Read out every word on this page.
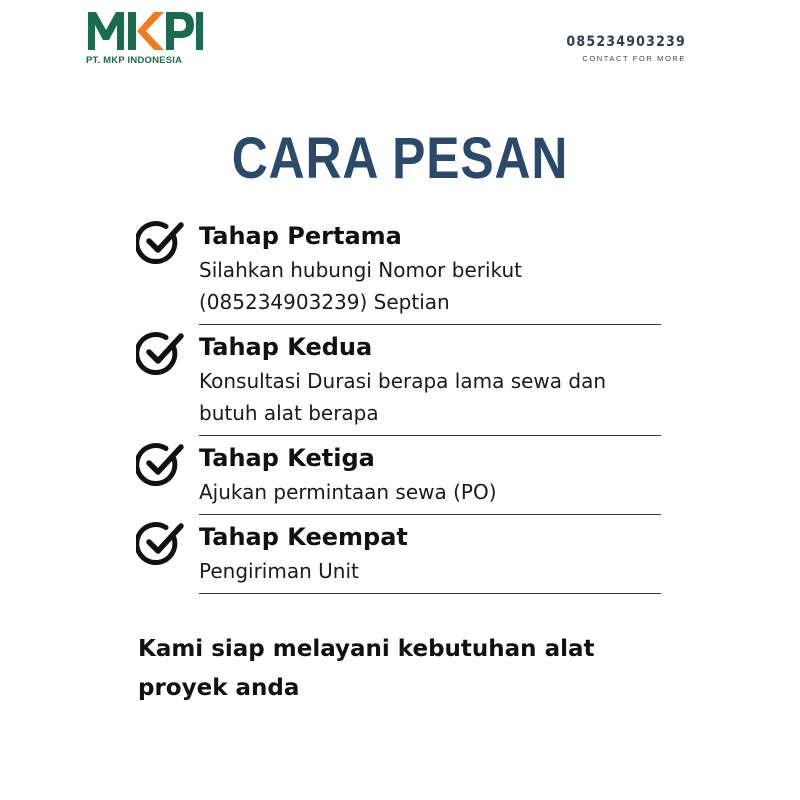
PT. MKP INDONESIA
085234903239
CONTACT FOR MORE
CARA PESAN
Tahap Pertama
Silahkan hubungi Nomor berikut (085234903239) Septian
Tahap Kedua
Konsultasi Durasi berapa lama sewa dan butuh alat berapa
Tahap Ketiga
Ajukan permintaan sewa (PO)
Tahap Keempat
Pengiriman Unit
Kami siap melayani kebutuhan alat proyek anda
